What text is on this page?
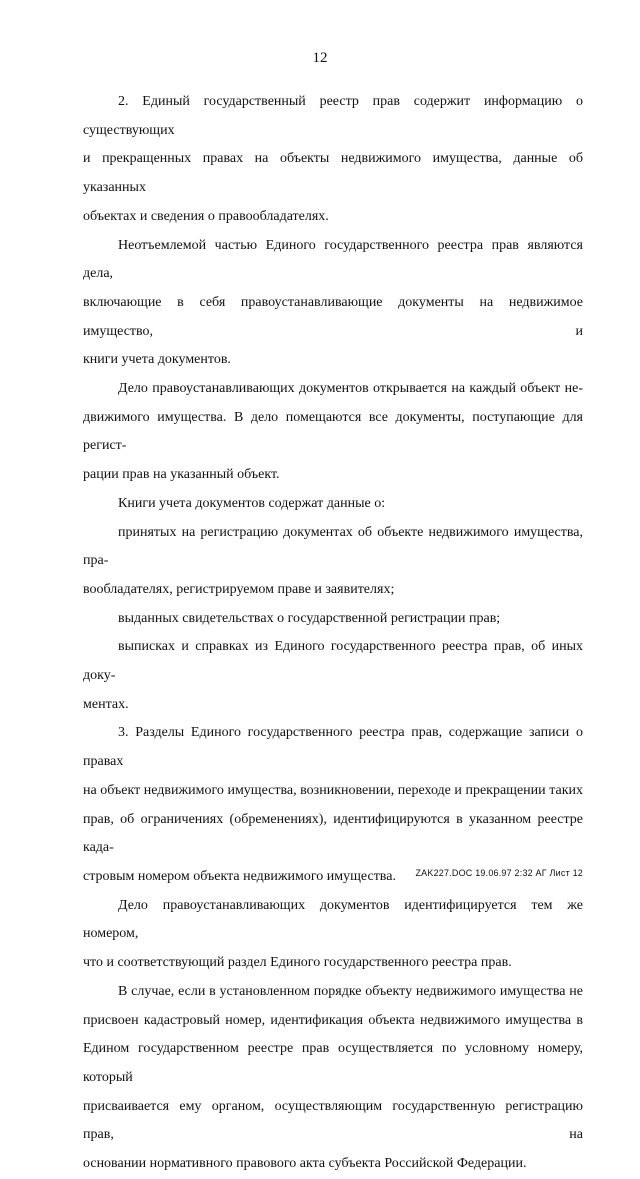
12
2. Единый государственный реестр прав содержит информацию о существующих
и прекращенных правах на объекты недвижимого имущества, данные об указанных
объектах и сведения о правообладателях.
Неотъемлемой частью Единого государственного реестра прав являются дела,
включающие в себя правоустанавливающие документы на недвижимое имущество, и
книги учета документов.
Дело правоустанавливающих документов открывается на каждый объект не-
движимого имущества. В дело помещаются все документы, поступающие для регист-
рации прав на указанный объект.
Книги учета документов содержат данные о:
принятых на регистрацию документах об объекте недвижимого имущества, пра-
вообладателях, регистрируемом праве и заявителях;
выданных свидетельствах о государственной регистрации прав;
выписках и справках из Единого государственного реестра прав, об иных доку-
ментах.
3. Разделы Единого государственного реестра прав, содержащие записи о правах
на объект недвижимого имущества, возникновении, переходе и прекращении таких
прав, об ограничениях (обременениях), идентифицируются в указанном реестре када-
стровым номером объекта недвижимого имущества.
Дело правоустанавливающих документов идентифицируется тем же номером,
что и соответствующий раздел Единого государственного реестра прав.
В случае, если в установленном порядке объекту недвижимого имущества не
присвоен кадастровый номер, идентификация объекта недвижимого имущества в
Едином государственном реестре прав осуществляется по условному номеру, который
присваивается ему органом, осуществляющим государственную регистрацию прав, на
основании нормативного правового акта субъекта Российской Федерации.
ZAK227.DOC 19.06.97 2:32 АГ Лист 12
